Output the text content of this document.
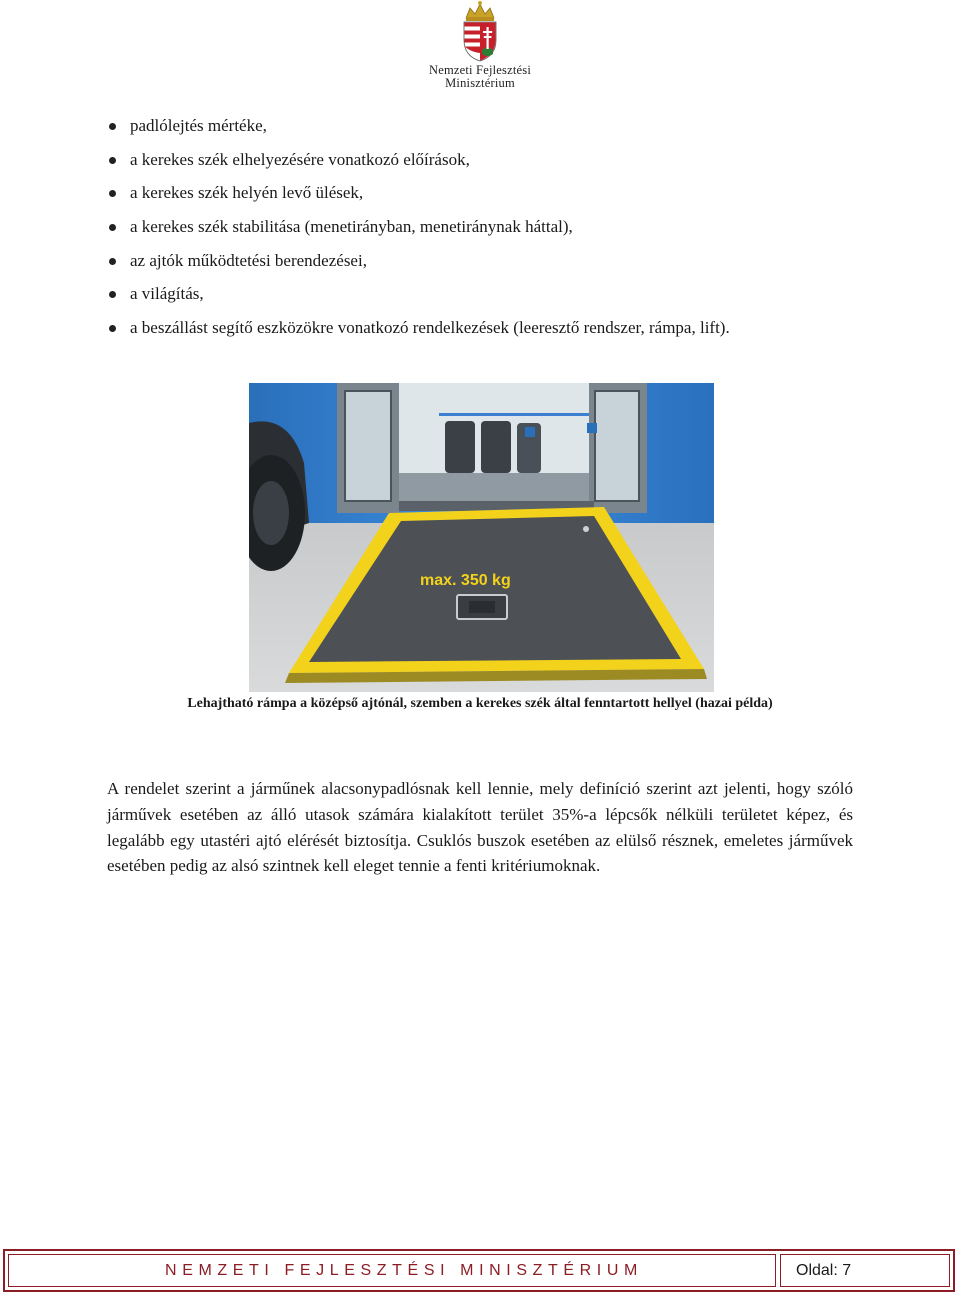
Nemzeti Fejlesztési
Minisztérium
padlólejtés mértéke,
a kerekes szék elhelyezésére vonatkozó előírások,
a kerekes szék helyén levő ülések,
a kerekes szék stabilitása (menetirányban, menetiránynak háttal),
az ajtók működtetési berendezései,
a világítás,
a beszállást segítő eszközökre vonatkozó rendelkezések (leeresztő rendszer, rámpa, lift).
max. 350 kg
Lehajtható rámpa a középső ajtónál, szemben a kerekes szék által fenntartott hellyel (hazai példa)

A rendelet szerint a járműnek alacsonypadlósnak kell lennie, mely definíció szerint azt jelenti, hogy szóló járművek esetében az álló utasok számára kialakított terület 35%-a lépcsők nélküli területet képez, és legalább egy utastéri ajtó elérését biztosítja. Csuklós buszok esetében az elülső résznek, emeletes járművek esetében pedig az alsó szintnek kell eleget tennie a fenti kritériumoknak.

NEMZETI FEJLESZTÉSI MINISZTÉRIUM	Oldal: 7
